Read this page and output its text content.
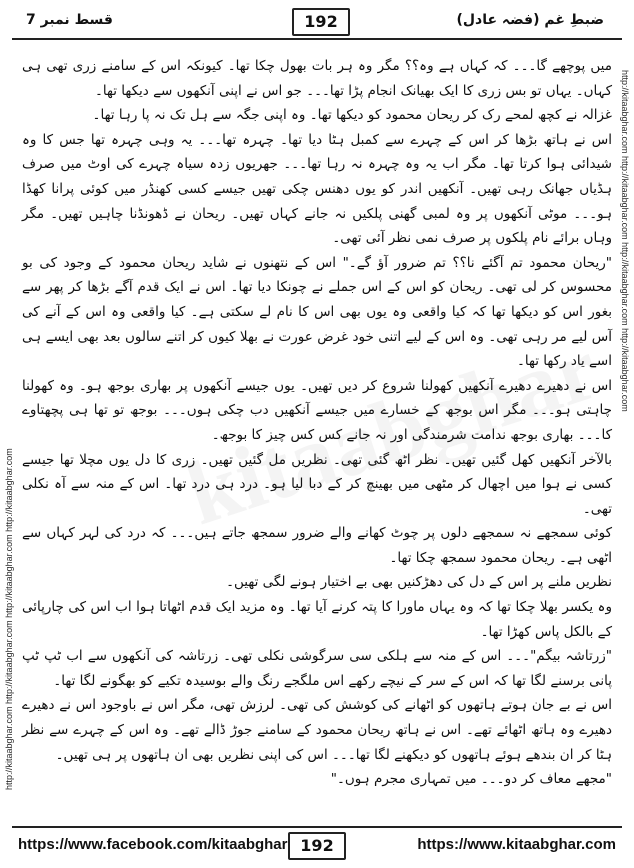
قسط نمبر 7	192	ضبطِ غم (فضہ عادل)
http://kitaabghar.com http://kitaabghar.com http://kitaabghar.com http://kitaabghar.com
http://kitaabghar.com http://kitaabghar.com http://kitaabghar.com http://kitaabghar.com

میں پوچھے گا۔۔۔ کہ کہاں ہے وہ؟؟ مگر وہ ہر بات بھول چکا تھا۔ کیونکہ اس کے سامنے زری تھی ہی کہاں۔ یہاں تو بس زری کا ایک بھیانک انجام پڑا تھا۔۔۔ جو اس نے اپنی آنکھوں سے دیکھا تھا۔

غزالہ نے کچھ لمحے رک کر ریحان محمود کو دیکھا تھا۔ وہ اپنی جگہ سے ہل تک نہ پا رہا تھا۔

اس نے ہاتھ بڑھا کر اس کے چہرے سے کمبل ہٹا دیا تھا۔ چہرہ تھا۔۔۔ یہ وہی چہرہ تھا جس کا وہ شیدائی ہوا کرتا تھا۔ مگر اب یہ وہ چہرہ نہ رہا تھا۔۔۔ جھریوں زدہ سیاہ چہرے کی اوٹ میں صرف ہڈیاں جھانک رہی تھیں۔ آنکھیں اندر کو یوں دھنس چکی تھیں جیسے کسی کھنڈر میں کوئی پرانا کھڈا ہو۔۔۔ موٹی آنکھوں پر وہ لمبی گھنی پلکیں نہ جانے کہاں تھیں۔ ریحان نے ڈھونڈنا چاہیں تھیں۔ مگر وہاں برائے نام پلکوں پر صرف نمی نظر آئی تھی۔

"ریحان محمود تم آگئے نا؟؟ تم ضرور آؤ گے۔" اس کے نتھنوں نے شاید ریحان محمود کے وجود کی بو محسوس کر لی تھی۔ ریحان کو اس کے اس جملے نے چونکا دیا تھا۔ اس نے ایک قدم آگے بڑھا کر پھر سے بغور اس کو دیکھا تھا کہ کیا واقعی وہ یوں بھی اس کا نام لے سکتی ہے۔ کیا واقعی وہ اس کے آنے کی آس لیے مر رہی تھی۔ وہ اس کے لیے اتنی خود غرض عورت نے بھلا کیوں کر اتنے سالوں بعد بھی ایسے ہی اسے یاد رکھا تھا۔

اس نے دھیرے دھیرے آنکھیں کھولنا شروع کر دیں تھیں۔ یوں جیسے آنکھوں پر بھاری بوجھ ہو۔ وہ کھولنا چاہتی ہو۔۔۔ مگر اس بوجھ کے خسارے میں جیسے آنکھیں دب چکی ہوں۔۔۔ بوجھ تو تھا ہی پچھتاوے کا۔۔۔ بھاری بوجھ ندامت شرمندگی اور نہ جانے کس کس چیز کا بوجھ۔

بالآخر آنکھیں کھل گئیں تھیں۔ نظر اٹھ گئی تھی۔ نظریں مل گئیں تھیں۔ زری کا دل یوں مچلا تھا جیسے کسی نے ہوا میں اچھال کر مٹھی میں بھینچ کر کے دبا لیا ہو۔ درد ہی درد تھا۔ اس کے منہ سے آہ نکلی تھی۔

کوئی سمجھے نہ سمجھے دلوں پر چوٹ کھانے والے ضرور سمجھ جاتے ہیں۔۔۔ کہ درد کی لہر کہاں سے اٹھی ہے۔ ریحان محمود سمجھ چکا تھا۔

نظریں ملنے پر اس کے دل کی دھڑکنیں بھی بے اختیار ہونے لگی تھیں۔

وہ یکسر بھلا چکا تھا کہ وہ یہاں ماورا کا پتہ کرنے آیا تھا۔ وہ مزید ایک قدم اٹھاتا ہوا اب اس کی چارپائی کے بالکل پاس کھڑا تھا۔

"زرتاشہ بیگم"۔۔۔ اس کے منہ سے ہلکی سی سرگوشی نکلی تھی۔ زرتاشہ کی آنکھوں سے اب ٹپ ٹپ پانی برسنے لگا تھا کہ اس کے سر کے نیچے رکھے اس ملگجے رنگ والے بوسیدہ تکیے کو بھگونے لگا تھا۔

اس نے بے جان ہوتے ہاتھوں کو اٹھانے کی کوشش کی تھی۔ لرزش تھی، مگر اس نے باوجود اس نے دھیرے دھیرے وہ ہاتھ اٹھائے تھے۔ اس نے ہاتھ ریحان محمود کے سامنے جوڑ ڈالے تھے۔ وہ اس کے چہرے سے نظر ہٹا کر ان بندھے ہوئے ہاتھوں کو دیکھنے لگا تھا۔۔۔ اس کی اپنی نظریں بھی ان ہاتھوں پر ہی تھیں۔

"مجھے معاف کر دو۔۔۔ میں تمہاری مجرم ہوں۔"

https://www.facebook.com/kitaabghar 192	https://www.kitaabghar.com
